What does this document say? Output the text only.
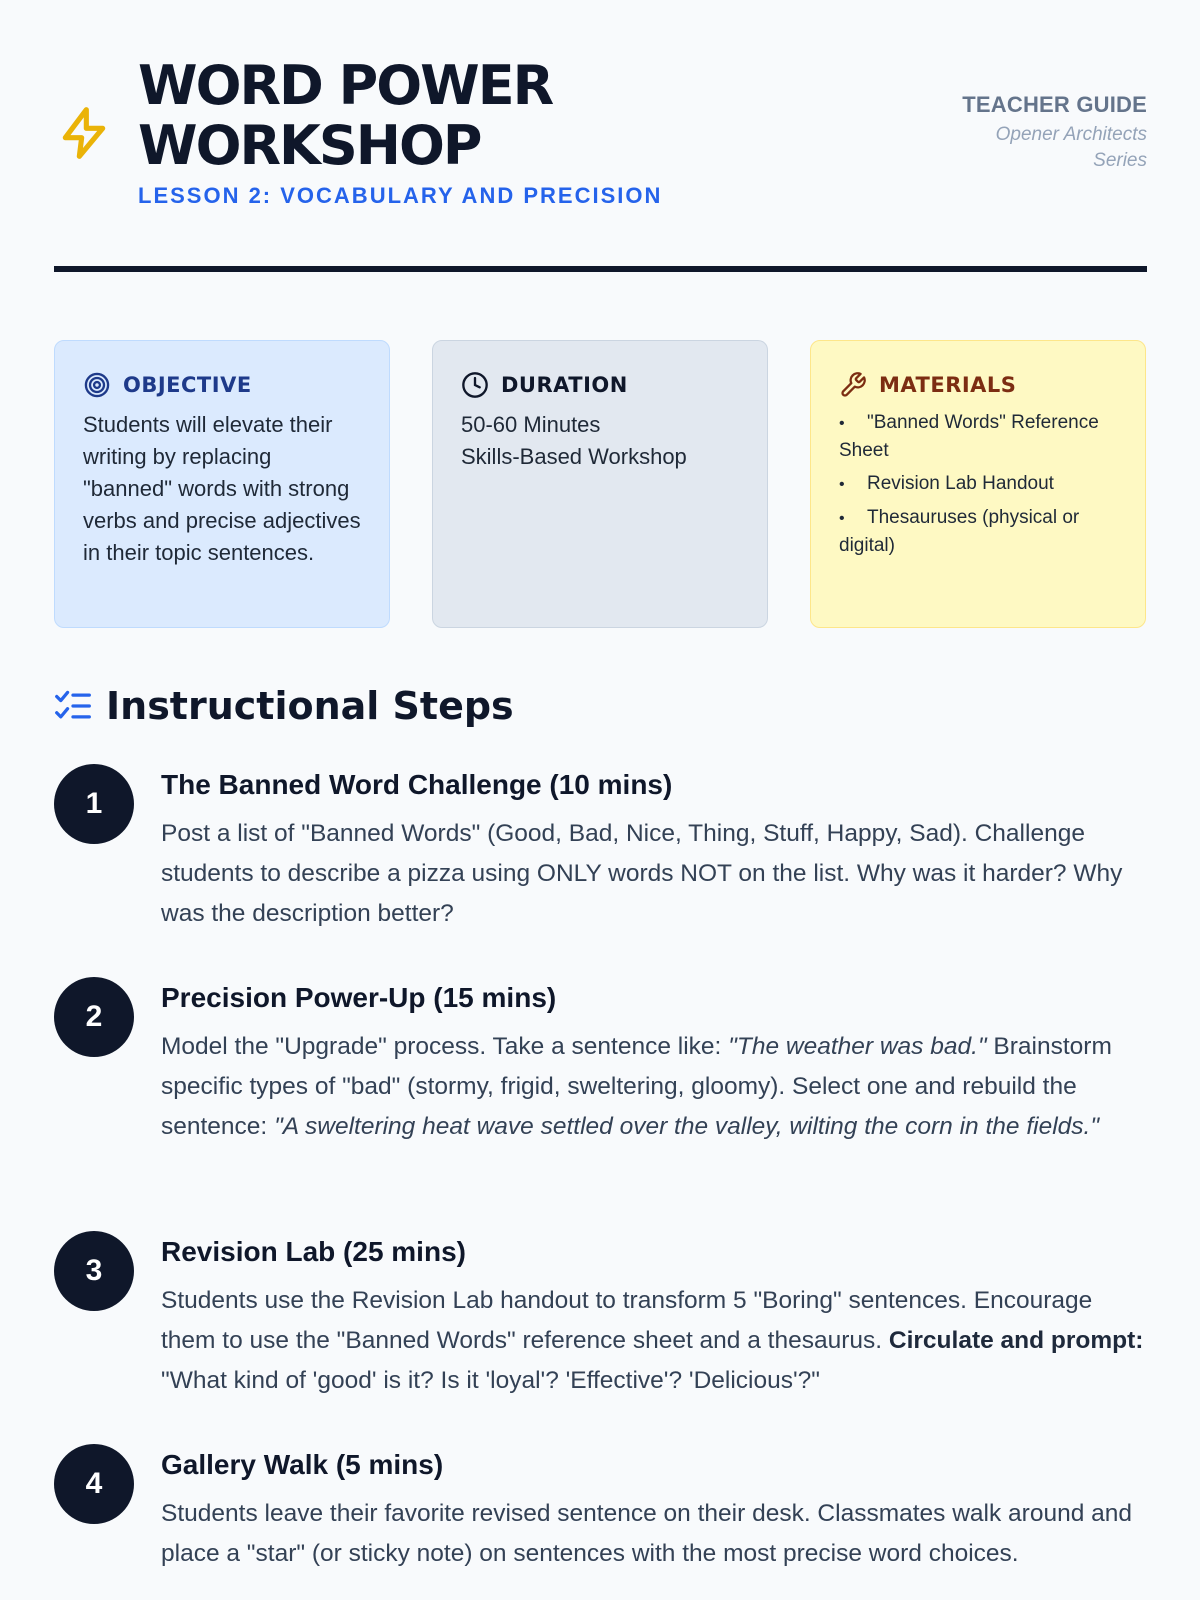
WORD POWER
WORKSHOP
LESSON 2: VOCABULARY AND PRECISION
TEACHER GUIDE
Opener Architects
Series
OBJECTIVE
Students will elevate their writing by replacing "banned" words with strong verbs and precise adjectives in their topic sentences.
DURATION
50-60 Minutes
Skills-Based Workshop
MATERIALS
• "Banned Words" Reference Sheet
• Revision Lab Handout
• Thesauruses (physical or digital)
Instructional Steps
1
The Banned Word Challenge (10 mins)

Post a list of "Banned Words" (Good, Bad, Nice, Thing, Stuff, Happy, Sad). Challenge students to describe a pizza using ONLY words NOT on the list. Why was it harder? Why was the description better?

2
Precision Power-Up (15 mins)

Model the "Upgrade" process. Take a sentence like: "The weather was bad." Brainstorm specific types of "bad" (stormy, frigid, sweltering, gloomy). Select one and rebuild the sentence: "A sweltering heat wave settled over the valley, wilting the corn in the fields."

3
Revision Lab (25 mins)

Students use the Revision Lab handout to transform 5 "Boring" sentences. Encourage them to use the "Banned Words" reference sheet and a thesaurus. Circulate and prompt: "What kind of 'good' is it? Is it 'loyal'? 'Effective'? 'Delicious'?"

4
Gallery Walk (5 mins)

Students leave their favorite revised sentence on their desk. Classmates walk around and place a "star" (or sticky note) on sentences with the most precise word choices.
